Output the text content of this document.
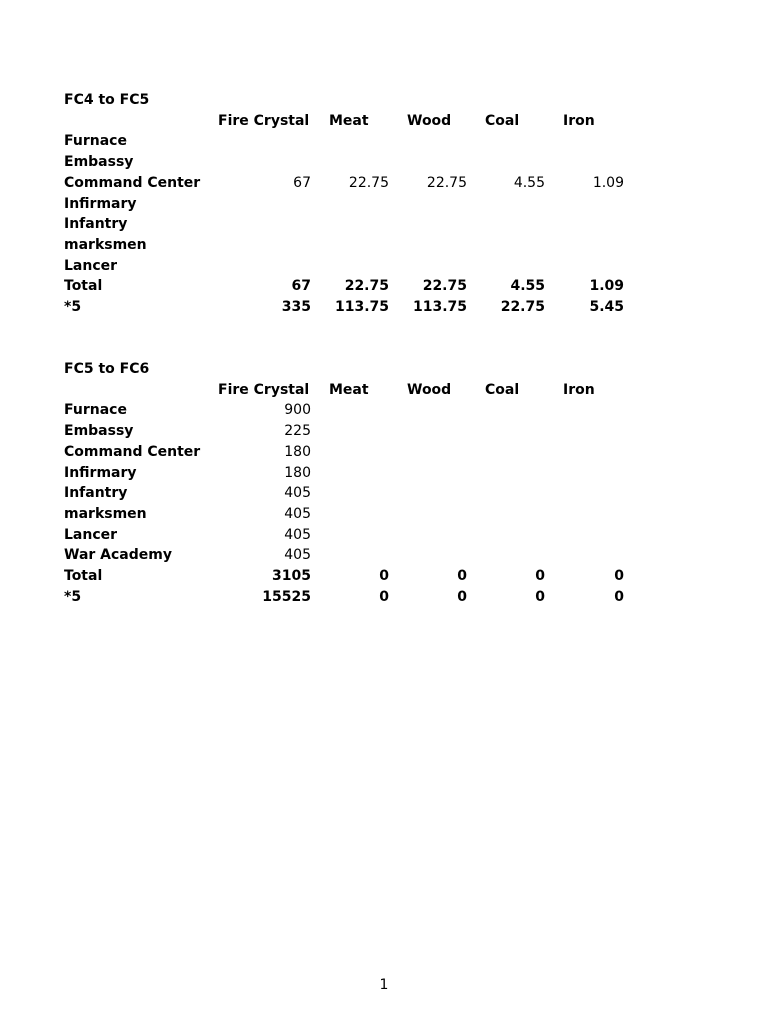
FC4 to FC5					
	Fire Crystal	Meat	Wood	Coal	Iron
Furnace					
Embassy					
Command Center	67	22.75	22.75	4.55	1.09
Infirmary					
Infantry					
marksmen					
Lancer					
Total	67	22.75	22.75	4.55	1.09
*5	335	113.75	113.75	22.75	5.45
FC5 to FC6					
	Fire Crystal	Meat	Wood	Coal	Iron
Furnace	900				
Embassy	225				
Command Center	180				
Infirmary	180				
Infantry	405				
marksmen	405				
Lancer	405				
War Academy	405				
Total	3105	0	0	0	0
*5	15525	0	0	0	0
1
